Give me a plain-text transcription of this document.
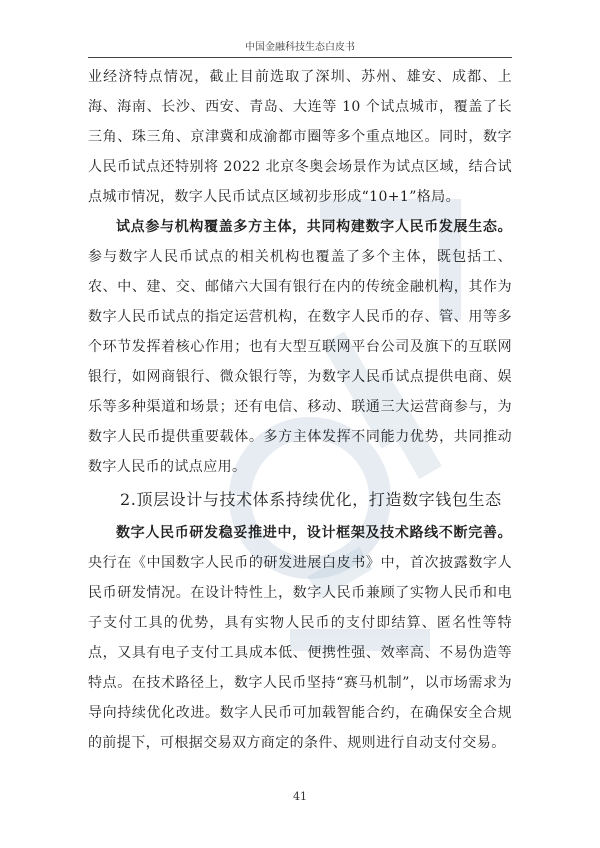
中国金融科技生态白皮书

业经济特点情况，截止目前选取了深圳、苏州、雄安、成都、上海、海南、长沙、西安、青岛、大连等 10 个试点城市，覆盖了长三角、珠三角、京津冀和成渝都市圈等多个重点地区。同时，数字人民币试点还特别将 2022 北京冬奥会场景作为试点区域，结合试点城市情况，数字人民币试点区域初步形成“10+1”格局。

试点参与机构覆盖多方主体，共同构建数字人民币发展生态。参与数字人民币试点的相关机构也覆盖了多个主体，既包括工、农、中、建、交、邮储六大国有银行在内的传统金融机构，其作为数字人民币试点的指定运营机构，在数字人民币的存、管、用等多个环节发挥着核心作用；也有大型互联网平台公司及旗下的互联网银行，如网商银行、微众银行等，为数字人民币试点提供电商、娱乐等多种渠道和场景；还有电信、移动、联通三大运营商参与，为数字人民币提供重要载体。多方主体发挥不同能力优势，共同推动数字人民币的试点应用。

2.顶层设计与技术体系持续优化，打造数字钱包生态

数字人民币研发稳妥推进中，设计框架及技术路线不断完善。央行在《中国数字人民币的研发进展白皮书》中，首次披露数字人民币研发情况。在设计特性上，数字人民币兼顾了实物人民币和电子支付工具的优势，具有实物人民币的支付即结算、匿名性等特点，又具有电子支付工具成本低、便携性强、效率高、不易伪造等特点。在技术路径上，数字人民币坚持“赛马机制”，以市场需求为导向持续优化改进。数字人民币可加载智能合约，在确保安全合规的前提下，可根据交易双方商定的条件、规则进行自动支付交易。

41
